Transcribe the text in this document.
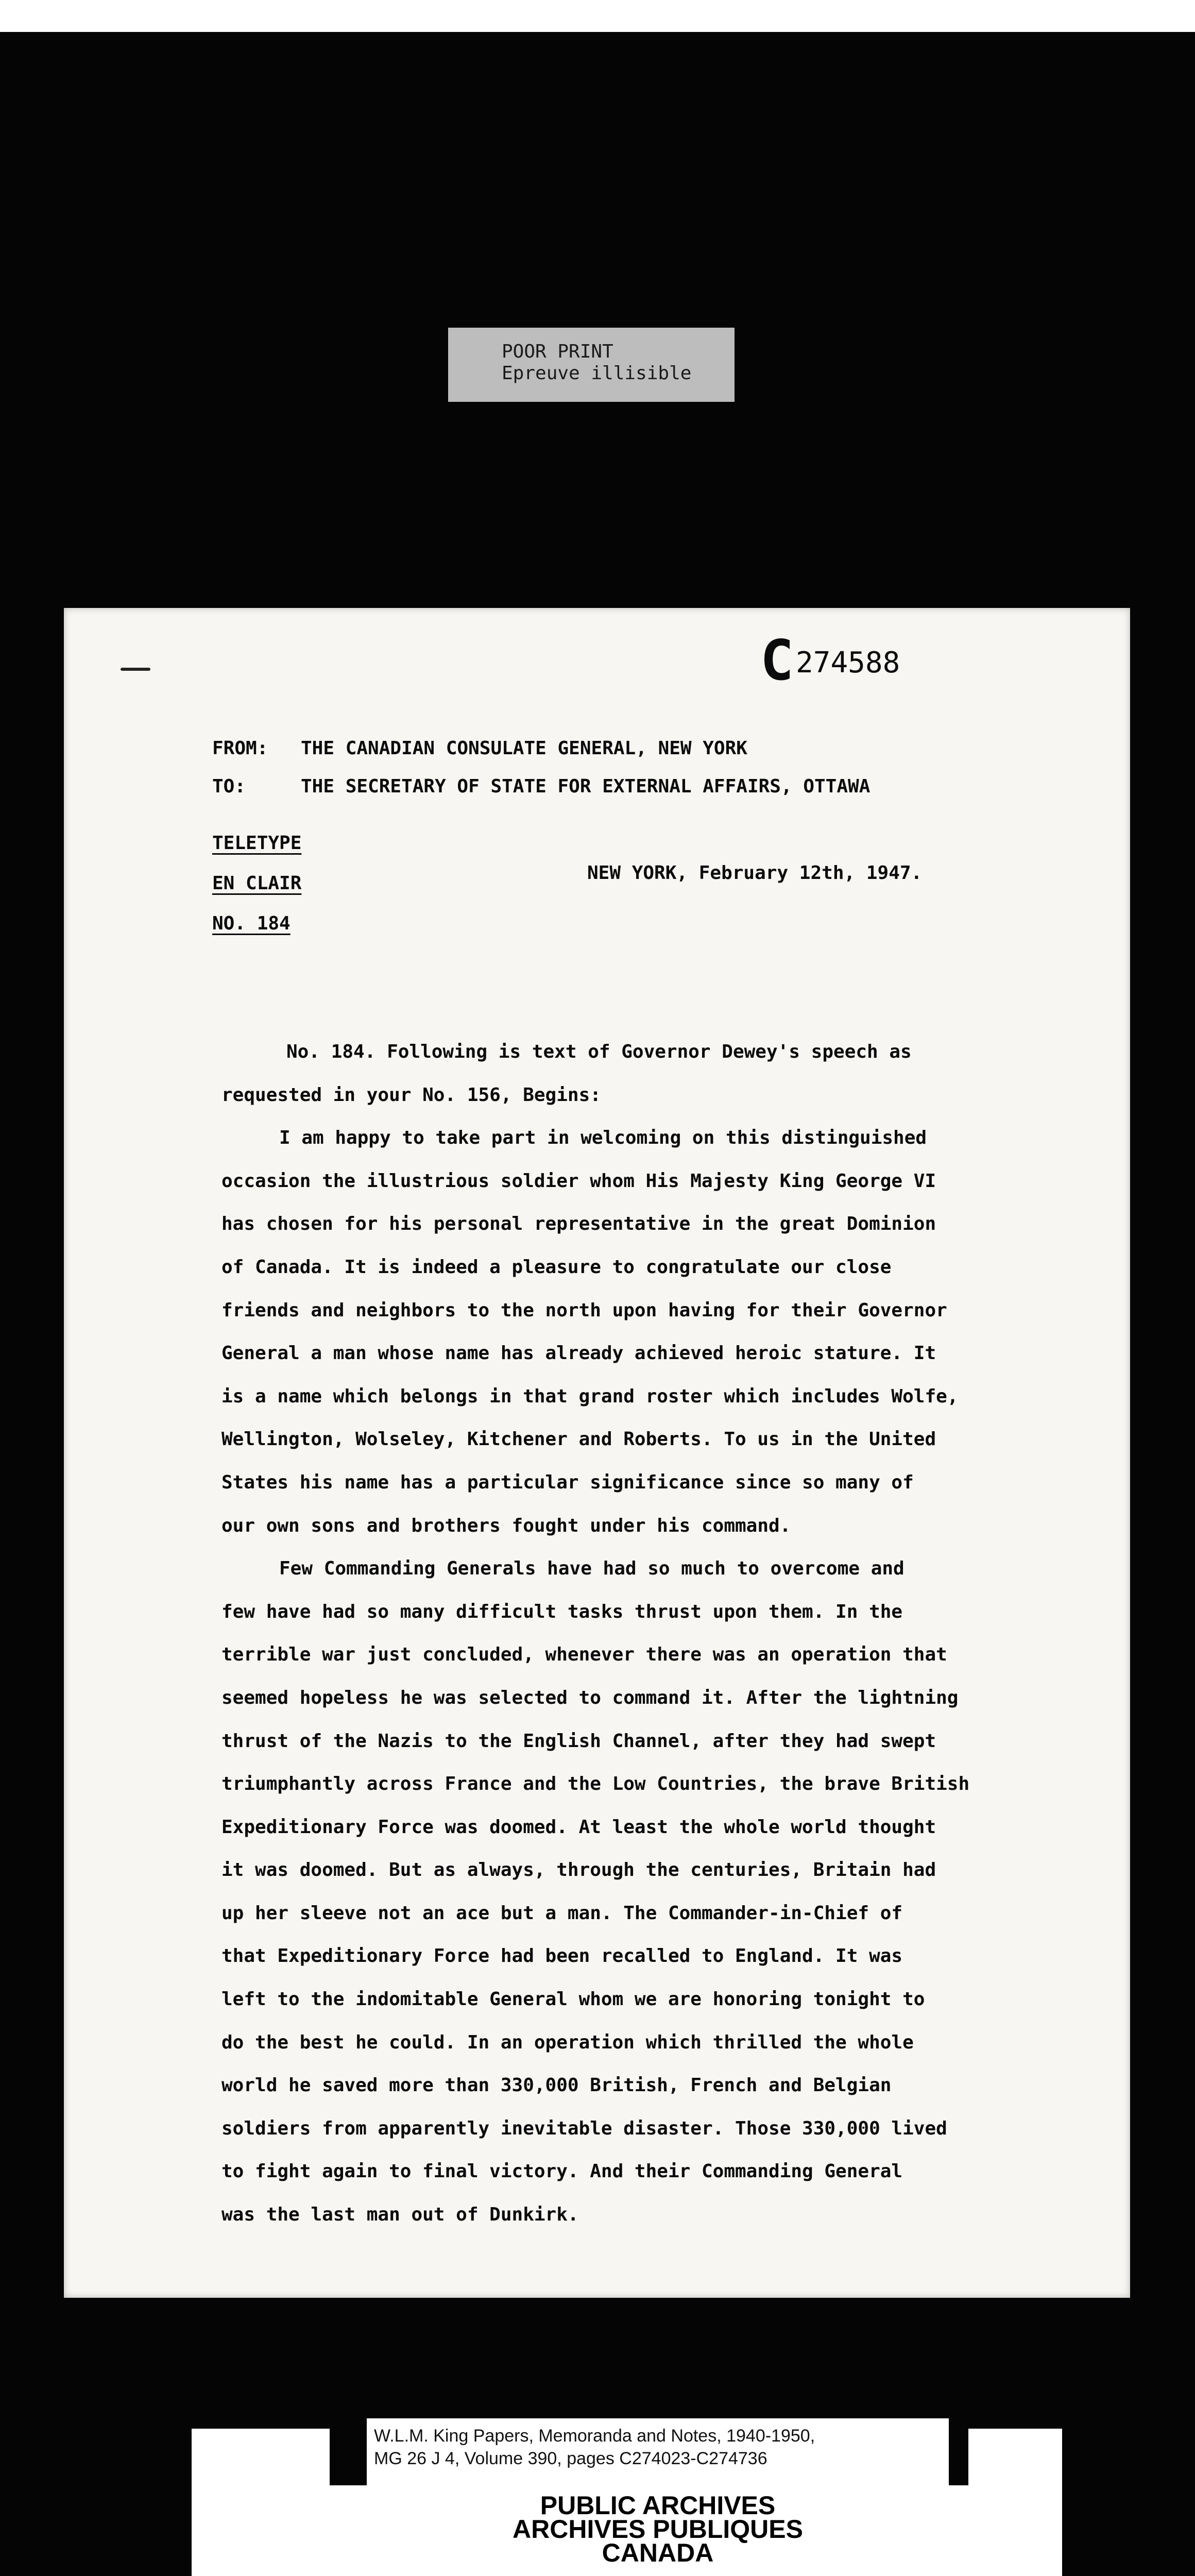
POOR PRINT
Epreuve illisible
C274588
FROM: THE CANADIAN CONSULATE GENERAL, NEW YORK
TO:	THE SECRETARY OF STATE FOR EXTERNAL AFFAIRS, OTTAWA
TELETYPE
EN CLAIR
NO. 184
NEW YORK, February 12th, 1947.
No. 184. Following is text of Governor Dewey's speech as
requested in your No. 156, Begins:
I am happy to take part in welcoming on this distinguished
occasion the illustrious soldier whom His Majesty King George VI
has chosen for his personal representative in the great Dominion
of Canada. It is indeed a pleasure to congratulate our close
friends and neighbors to the north upon having for their Governor
General a man whose name has already achieved heroic stature. It
is a name which belongs in that grand roster which includes Wolfe,
Wellington, Wolseley, Kitchener and Roberts. To us in the United
States his name has a particular significance since so many of
our own sons and brothers fought under his command.
Few Commanding Generals have had so much to overcome and
few have had so many difficult tasks thrust upon them. In the
terrible war just concluded, whenever there was an operation that
seemed hopeless he was selected to command it. After the lightning
thrust of the Nazis to the English Channel, after they had swept
triumphantly across France and the Low Countries, the brave British
Expeditionary Force was doomed. At least the whole world thought
it was doomed. But as always, through the centuries, Britain had
up her sleeve not an ace but a man. The Commander-in-Chief of
that Expeditionary Force had been recalled to England. It was
left to the indomitable General whom we are honoring tonight to
do the best he could. In an operation which thrilled the whole
world he saved more than 330,000 British, French and Belgian
soldiers from apparently inevitable disaster. Those 330,000 lived
to fight again to final victory. And their Commanding General
was the last man out of Dunkirk.
W.L.M. King Papers, Memoranda and Notes, 1940-1950,
MG 26 J 4, Volume 390, pages C274023-C274736
PUBLIC ARCHIVES
ARCHIVES PUBLIQUES
CANADA
